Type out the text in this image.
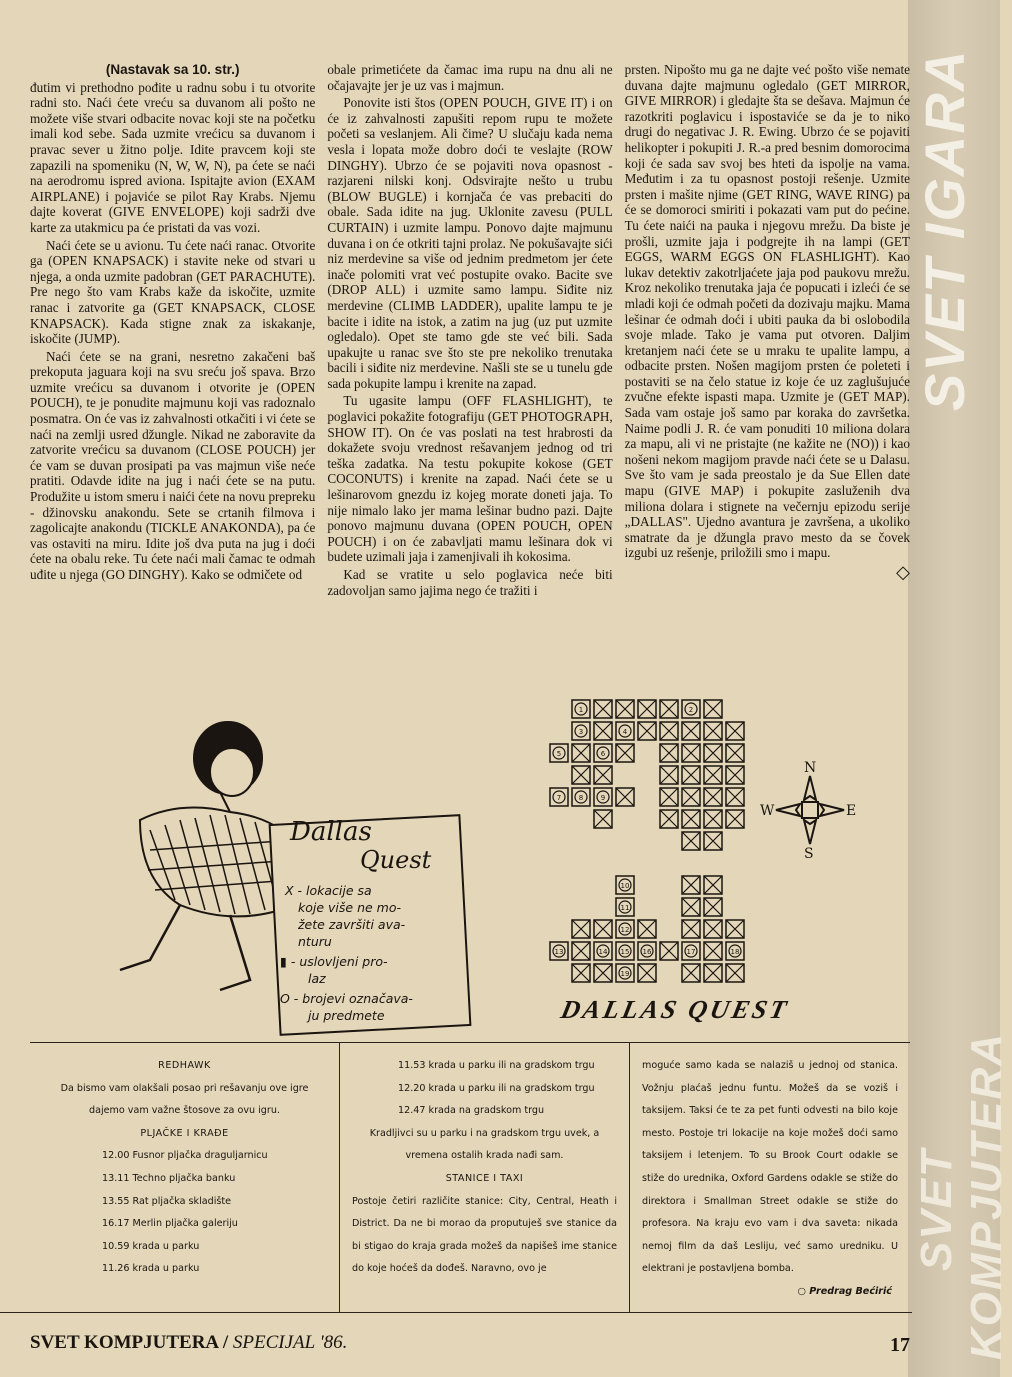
SVET IGARA
SVET KOMPJUTERA
(Nastavak sa 10. str.)

đutim vi prethodno pođite u radnu sobu i tu otvorite radni sto. Naći ćete vreću sa duvanom ali pošto ne možete više stvari odbacite novac koji ste na početku imali kod sebe. Sada uzmite vrećicu sa duvanom i pravac sever u žitno polje. Idite pravcem koji ste zapazili na spomeniku (N, W, W, N), pa ćete se naći na aerodromu ispred aviona. Ispitajte avion (EXAM AIRPLANE) i pojaviće se pilot Ray Krabs. Njemu dajte koverat (GIVE ENVELOPE) koji sadrži dve karte za utakmicu pa će pristati da vas vozi.

Naći ćete se u avionu. Tu ćete naći ranac. Otvorite ga (OPEN KNAPSACK) i stavite neke od stvari u njega, a onda uzmite padobran (GET PARACHUTE). Pre nego što vam Krabs kaže da iskočite, uzmite ranac i zatvorite ga (GET KNAPSACK, CLOSE KNAPSACK). Kada stigne znak za iskakanje, iskočite (JUMP).

Naći ćete se na grani, nesretno zakačeni baš prekoputa jaguara koji na svu sreću još spava. Brzo uzmite vrećicu sa duvanom i otvorite je (OPEN POUCH), te je ponudite majmunu koji vas radoznalo posmatra. On će vas iz zahvalnosti otkačiti i vi ćete se naći na zemlji usred džungle. Nikad ne zaboravite da zatvorite vrećicu sa duvanom (CLOSE POUCH) jer će vam se duvan prosipati pa vas majmun više neće pratiti. Odavde idite na jug i naći ćete se na putu. Produžite u istom smeru i naići ćete na novu prepreku - džinovsku anakondu. Sete se crtanih filmova i zagolicajte anakondu (TICKLE ANAKONDA), pa će vas ostaviti na miru. Idite još dva puta na jug i doći ćete na obalu reke. Tu ćete naći mali čamac te odmah uđite u njega (GO DINGHY). Kako se odmičete od

obale primetićete da čamac ima rupu na dnu ali ne očajavajte jer je uz vas i majmun.

Ponovite isti štos (OPEN POUCH, GIVE IT) i on će iz zahvalnosti zapušiti repom rupu te možete početi sa veslanjem. Ali čime? U slučaju kada nema vesla i lopata može dobro doći te veslajte (ROW DINGHY). Ubrzo će se pojaviti nova opasnost - razjareni nilski konj. Odsvirajte nešto u trubu (BLOW BUGLE) i kornjača će vas prebaciti do obale. Sada idite na jug. Uklonite zavesu (PULL CURTAIN) i uzmite lampu. Ponovo dajte majmunu duvana i on će otkriti tajni prolaz. Ne pokušavajte sići niz merdevine sa više od jednim predmetom jer ćete inače polomiti vrat već postupite ovako. Bacite sve (DROP ALL) i uzmite samo lampu. Siđite niz merdevine (CLIMB LADDER), upalite lampu te je bacite i idite na istok, a zatim na jug (uz put uzmite ogledalo). Opet ste tamo gde ste već bili. Sada upakujte u ranac sve što ste pre nekoliko trenutaka bacili i siđite niz merdevine. Našli ste se u tunelu gde sada pokupite lampu i krenite na zapad.

Tu ugasite lampu (OFF FLASHLIGHT), te poglavici pokažite fotografiju (GET PHOTOGRAPH, SHOW IT). On će vas poslati na test hrabrosti da dokažete svoju vrednost rešavanjem jednog od tri teška zadatka. Na testu pokupite kokose (GET COCONUTS) i krenite na zapad. Naći ćete se u lešinarovom gnezdu iz kojeg morate doneti jaja. To nije nimalo lako jer mama lešinar budno pazi. Dajte ponovo majmunu duvana (OPEN POUCH, OPEN POUCH) i on će zabavljati mamu lešinara dok vi budete uzimali jaja i zamenjivali ih kokosima.

Kad se vratite u selo poglavica neće biti zadovoljan samo jajima nego će tražiti i

prsten. Nipošto mu ga ne dajte već pošto više nemate duvana dajte majmunu ogledalo (GET MIRROR, GIVE MIRROR) i gledajte šta se dešava. Majmun će razotkriti poglavicu i ispostaviće se da je to niko drugi do negativac J. R. Ewing. Ubrzo će se pojaviti helikopter i pokupiti J. R.-a pred besnim domorocima koji će sada sav svoj bes hteti da ispolje na vama. Međutim i za tu opasnost postoji rešenje. Uzmite prsten i mašite njime (GET RING, WAVE RING) pa će se domoroci smiriti i pokazati vam put do pećine. Tu ćete naići na pauka i njegovu mrežu. Da biste je prošli, uzmite jaja i podgrejte ih na lampi (GET EGGS, WARM EGGS ON FLASHLIGHT). Kao lukav detektiv zakotrljaćete jaja pod paukovu mrežu. Kroz nekoliko trenutaka jaja će popucati i izleći će se mladi koji će odmah početi da dozivaju majku. Mama lešinar će odmah doći i ubiti pauka da bi oslobodila svoje mlade. Tako je vama put otvoren. Daljim kretanjem naći ćete se u mraku te upalite lampu, a odbacite prsten. Nošen magijom prsten će poleteti i postaviti se na čelo statue iz koje će uz zaglušujuće zvučne efekte ispasti mapa. Uzmite je (GET MAP). Sada vam ostaje još samo par koraka do završetka. Naime podli J. R. će vam ponuditi 10 miliona dolara za mapu, ali vi ne pristajte (ne kažite ne (NO)) i kao nošeni nekom magijom pravde naći ćete se u Dalasu. Sve što vam je sada preostalo je da Sue Ellen date mapu (GIVE MAP) i pokupite zasluženih dva miliona dolara i stignete na večernju epizodu serije „DALLAS". Ujedno avantura je završena, a ukoliko smatrate da je džungla pravo mesto da se čovek izgubi uz rešenje, priložili smo i mapu.

◇
Dallas
Quest
X - lokacije sa
koje više ne mo-
žete završiti ava-
nturu
▮ - uslovljeni pro-
laz
O - brojevi označava-
ju predmete
1	2
3	4
5	6
7	8	9
10
11
12
13	14 15 16	17	18
19
N
S
E
W
DALLAS QUEST
REDHAWK

Da bismo vam olakšali posao pri rešavanju ove igre dajemo vam važne štosove za ovu igru.

PLJAČKE I KRAĐE
12.00 Fusnor pljačka draguljarnicu
13.11 Techno pljačka banku
13.55 Rat pljačka skladište
16.17 Merlin pljačka galeriju
10.59 krada u parku
11.26 krada u parku
11.53 krada u parku ili na gradskom trgu
12.20 krada u parku ili na gradskom trgu
12.47 krada na gradskom trgu

Kradljivci su u parku i na gradskom trgu uvek, a vremena ostalih krada nađi sam.

STANICE I TAXI

Postoje četiri različite stanice: City, Central, Heath i District. Da ne bi morao da proputuješ sve stanice da bi stigao do kraja grada možeš da napišeš ime stanice do koje hoćeš da dođeš. Naravno, ovo je

moguće samo kada se nalaziš u jednoj od stanica. Vožnju plaćaš jednu funtu. Možeš da se voziš i taksijem. Taksi će te za pet funti odvesti na bilo koje mesto. Postoje tri lokacije na koje možeš doći samo taksijem i letenjem. To su Brook Court odakle se stiže do urednika, Oxford Gardens odakle se stiže do direktora i Smallman Street odakle se stiže do profesora. Na kraju evo vam i dva saveta: nikada nemoj film da daš Lesliju, već samo uredniku. U elektrani je postavljena bomba.

○ Predrag Bećirić
SVET KOMPJUTERA / SPECIJAL '86.	17
